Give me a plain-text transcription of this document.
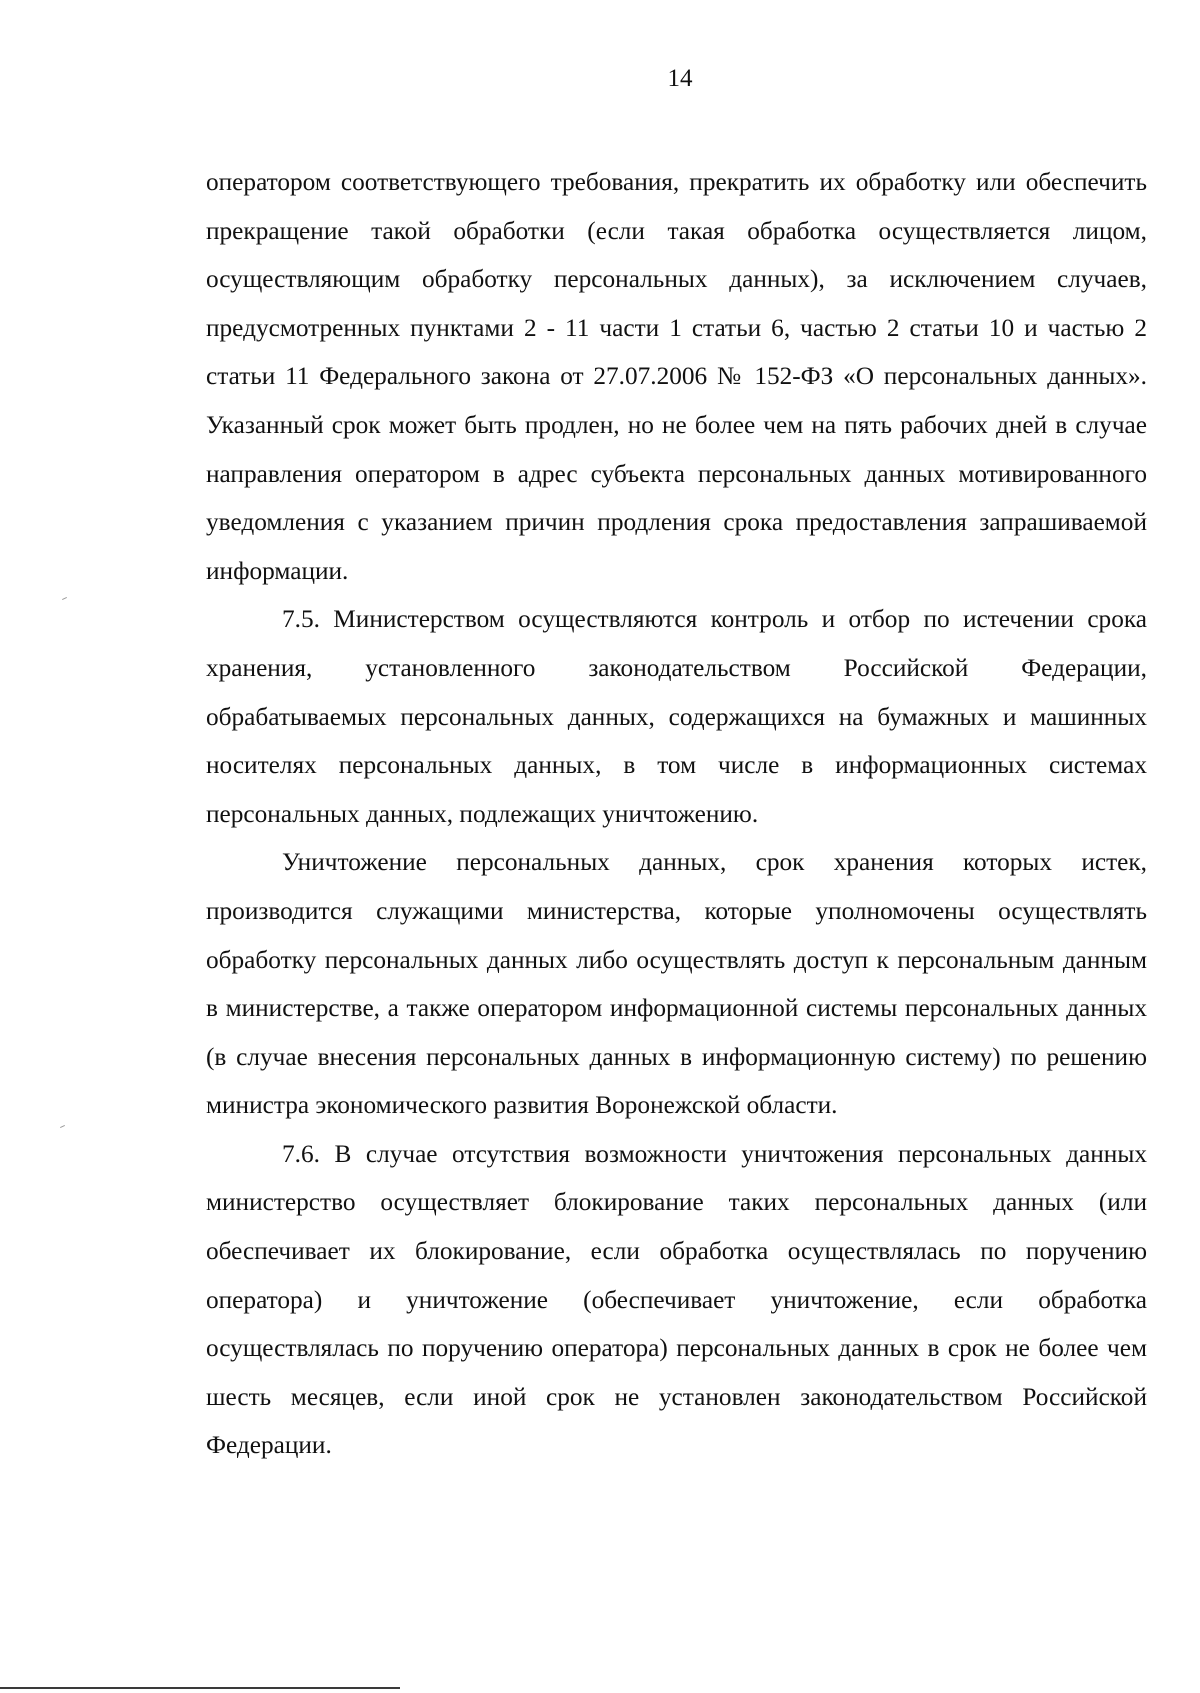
14

оператором соответствующего требования, прекратить их обработку или обеспечить прекращение такой обработки (если такая обработка осуществляется лицом, осуществляющим обработку персональных данных), за исключением случаев, предусмотренных пунктами 2 - 11 части 1 статьи 6, частью 2 статьи 10 и частью 2 статьи 11 Федерального закона от 27.07.2006 № 152-ФЗ «О персональных данных». Указанный срок может быть продлен, но не более чем на пять рабочих дней в случае направления оператором в адрес субъекта персональных данных мотивированного уведомления с указанием причин продления срока предоставления запрашиваемой информации.

7.5. Министерством осуществляются контроль и отбор по истечении срока хранения, установленного законодательством Российской Федерации, обрабатываемых персональных данных, содержащихся на бумажных и машинных носителях персональных данных, в том числе в информационных системах персональных данных, подлежащих уничтожению.

Уничтожение персональных данных, срок хранения которых истек, производится служащими министерства, которые уполномочены осуществлять обработку персональных данных либо осуществлять доступ к персональным данным в министерстве, а также оператором информационной системы персональных данных (в случае внесения персональных данных в информационную систему) по решению министра экономического развития Воронежской области.

7.6. В случае отсутствия возможности уничтожения персональных данных министерство осуществляет блокирование таких персональных данных (или обеспечивает их блокирование, если обработка осуществлялась по поручению оператора) и уничтожение (обеспечивает уничтожение, если обработка осуществлялась по поручению оператора) персональных данных в срок не более чем шесть месяцев, если иной срок не установлен законодательством Российской Федерации.
